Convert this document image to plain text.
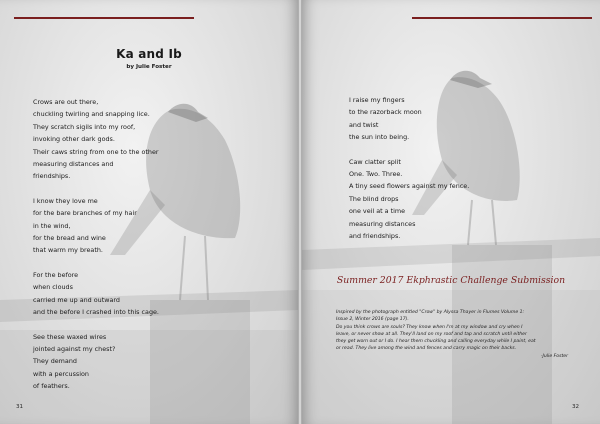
Ka and Ib
by Julie Foster
Crows are out there,
chuckling twirling and snapping lice.
They scratch sigils into my roof,
invoking other dark gods.
Their caws string from one to the other
measuring distances and
friendships.
I know they love me
for the bare branches of my hair
in the wind,
for the bread and wine
that warm my breath.
For the before
when clouds
carried me up and outward
and the before I crashed into this cage.
See these waxed wires
jointed against my chest?
They demand
with a percussion
of feathers.
31
I raise my fingers
to the razorback moon
and twist
the sun into being.
Caw clatter split
One. Two. Three.
A tiny seed flowers against my fence.
The blind drops
one veil at a time
measuring distances
and friendships.
Summer 2017 Ekphrastic Challenge Submission
Inspired by the photograph entitled "Crow" by Alyssa Thayer in Flumes Volume 1:
Issue 2, Winter 2016 (page 17).
Do you think crows are souls? They know when I'm at my window and cry when I
leave, or never show at all. They'll land on my roof and tap and scratch until either
they get worn out or I do. I hear them chuckling and calling everyday while I paint, eat
or read. They live among the wind and fences and carry magic on their backs.
-Julie Foster
32
